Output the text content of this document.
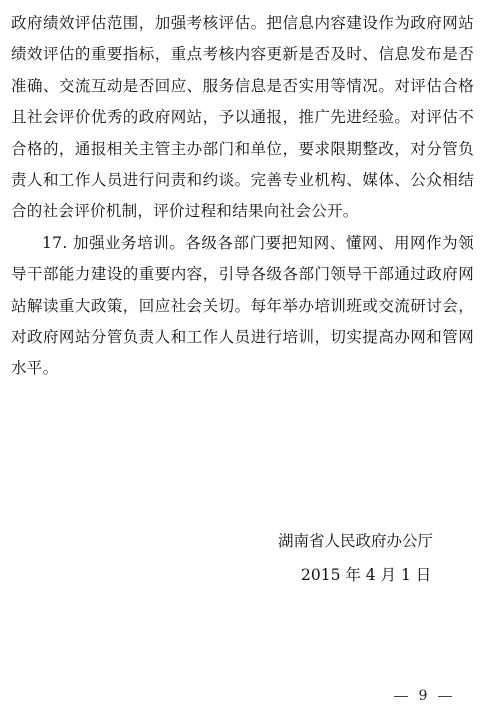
政府绩效评估范围，加强考核评估。把信息内容建设作为政府网站绩效评估的重要指标，重点考核内容更新是否及时、信息发布是否准确、交流互动是否回应、服务信息是否实用等情况。对评估合格且社会评价优秀的政府网站，予以通报，推广先进经验。对评估不合格的，通报相关主管主办部门和单位，要求限期整改，对分管负责人和工作人员进行问责和约谈。完善专业机构、媒体、公众相结合的社会评价机制，评价过程和结果向社会公开。

17. 加强业务培训。各级各部门要把知网、懂网、用网作为领导干部能力建设的重要内容，引导各级各部门领导干部通过政府网站解读重大政策，回应社会关切。每年举办培训班或交流研讨会，对政府网站分管负责人和工作人员进行培训，切实提高办网和管网水平。

湖南省人民政府办公厅
2015 年 4 月 1 日
9
